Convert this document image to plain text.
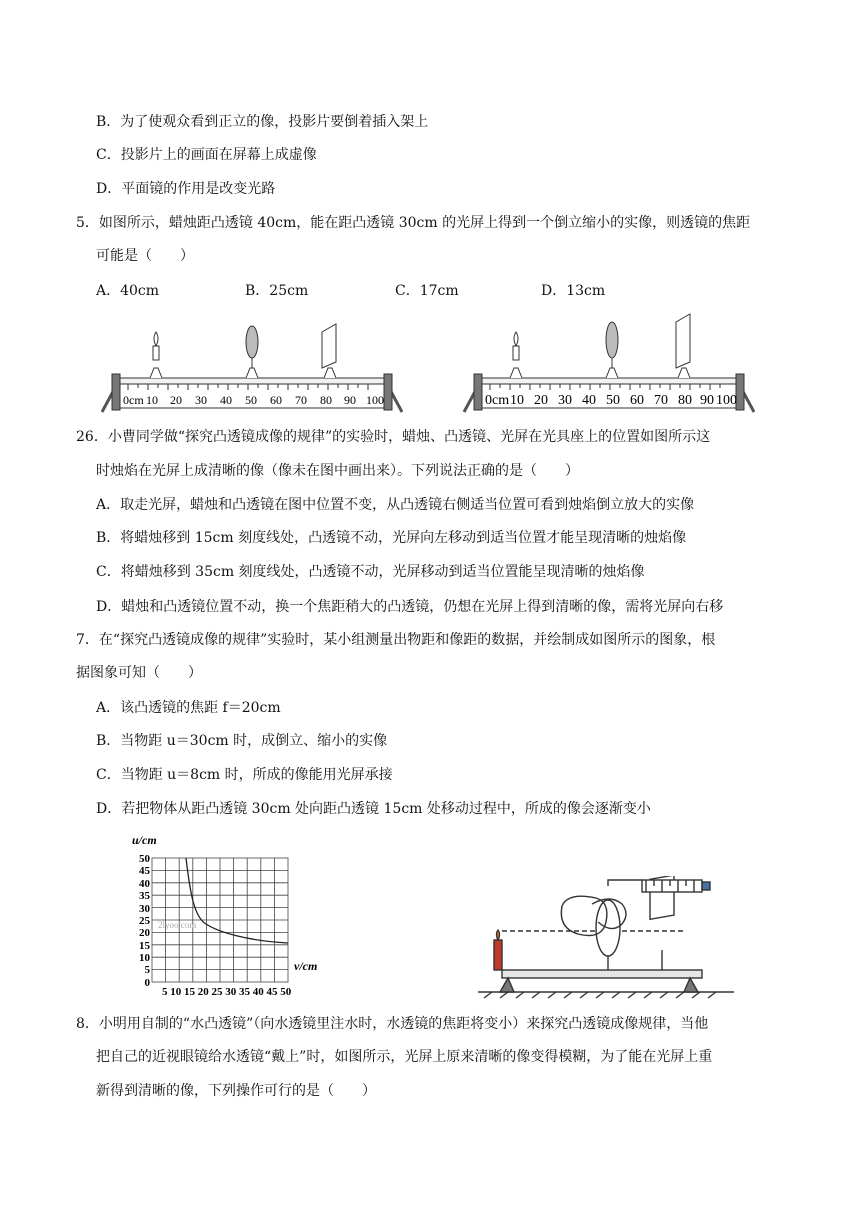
B．为了使观众看到正立的像，投影片要倒着插入架上
C．投影片上的画面在屏幕上成虚像
D．平面镜的作用是改变光路
5．如图所示，蜡烛距凸透镜 40cm，能在距凸透镜 30cm 的光屏上得到一个倒立缩小的实像，则透镜的焦距
可能是（　　）
A．40cm	B．25cm	C．17cm	D．13cm
0cm 10 20 30 40 50 60 70 80 90 100	0cm 10 20 30 40 50 60 70 80 90 100
26．小曹同学做“探究凸透镜成像的规律”的实验时，蜡烛、凸透镜、光屏在光具座上的位置如图所示这
时烛焰在光屏上成清晰的像（像未在图中画出来）。下列说法正确的是（　　）
A．取走光屏，蜡烛和凸透镜在图中位置不变，从凸透镜右侧适当位置可看到烛焰倒立放大的实像
B．将蜡烛移到 15cm 刻度线处，凸透镜不动，光屏向左移动到适当位置才能呈现清晰的烛焰像
C．将蜡烛移到 35cm 刻度线处，凸透镜不动，光屏移动到适当位置能呈现清晰的烛焰像
D．蜡烛和凸透镜位置不动，换一个焦距稍大的凸透镜，仍想在光屏上得到清晰的像，需将光屏向右移
7．在“探究凸透镜成像的规律”实验时，某小组测量出物距和像距的数据，并绘制成如图所示的图象，根
据图象可知（　　）
A．该凸透镜的焦距 f＝20cm
B．当物距 u＝30cm 时，成倒立、缩小的实像
C．当物距 u＝8cm 时，所成的像能用光屏承接
D．若把物体从距凸透镜 30cm 处向距凸透镜 15cm 处移动过程中，所成的像会逐渐变小
u/cm
v/cm
2lyoo.com
50
45
40
35
30
25
20
15
10
5
0
5 10 15 20 25 30 35 40 45 50
8．小明用自制的“水凸透镜”（向水透镜里注水时，水透镜的焦距将变小）来探究凸透镜成像规律，当他
把自己的近视眼镜给水透镜“戴上”时，如图所示，光屏上原来清晰的像变得模糊，为了能在光屏上重
新得到清晰的像，下列操作可行的是（　　）
